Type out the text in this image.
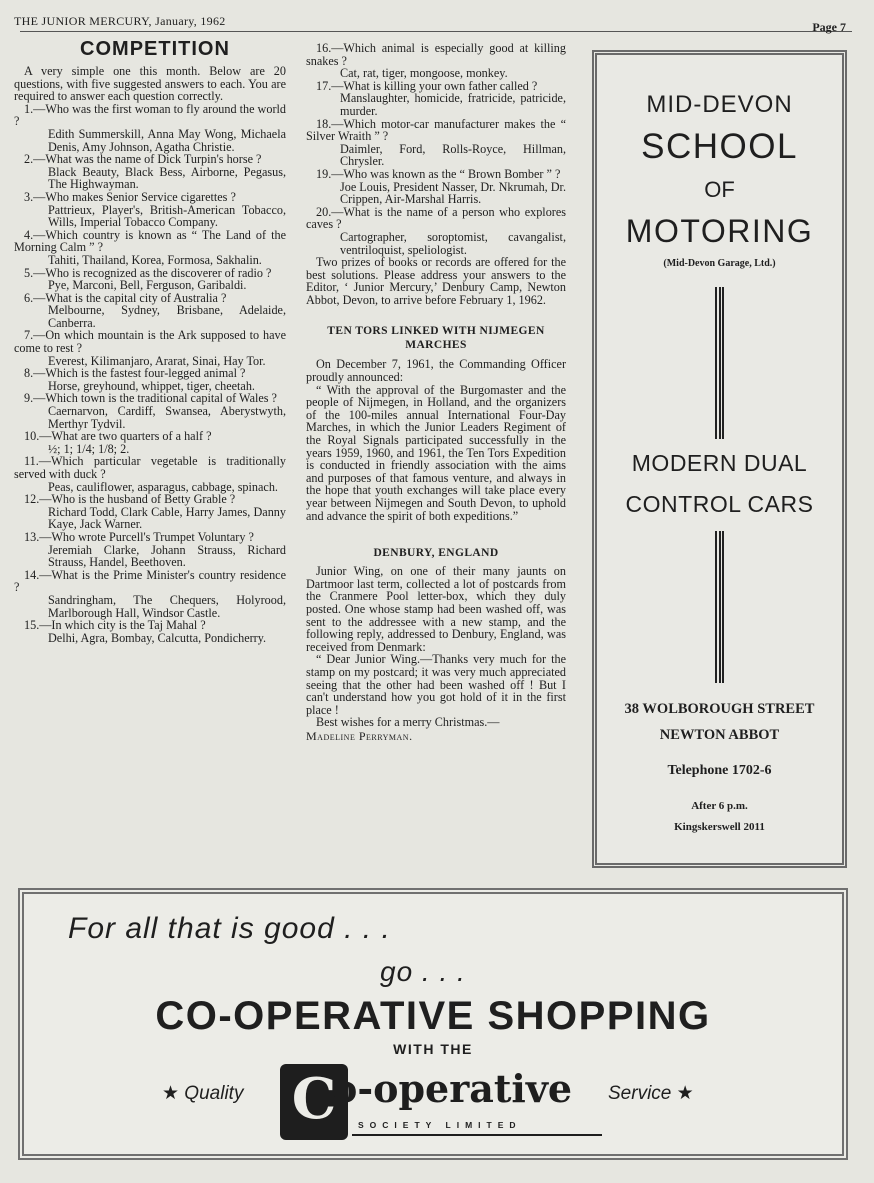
THE JUNIOR MERCURY, January, 1962	Page 7
COMPETITION
A very simple one this month. Below are 20 questions, with five suggested answers to each. You are required to answer each question correctly.
1.—Who was the first woman to fly around the world ?
Edith Summerskill, Anna May Wong, Michaela Denis, Amy Johnson, Agatha Christie.
2.—What was the name of Dick Turpin's horse ?
Black Beauty, Black Bess, Airborne, Pegasus, The Highwayman.
3.—Who makes Senior Service cigarettes ?
Pattrieux, Player's, British-American Tobacco, Wills, Imperial Tobacco Company.
4.—Which country is known as “ The Land of the Morning Calm ” ?
Tahiti, Thailand, Korea, Formosa, Sakhalin.
5.—Who is recognized as the discoverer of radio ?
Pye, Marconi, Bell, Ferguson, Garibaldi.
6.—What is the capital city of Australia ?
Melbourne, Sydney, Brisbane, Adelaide, Canberra.
7.—On which mountain is the Ark supposed to have come to rest ?
Everest, Kilimanjaro, Ararat, Sinai, Hay Tor.
8.—Which is the fastest four-legged animal ?
Horse, greyhound, whippet, tiger, cheetah.
9.—Which town is the traditional capital of Wales ?
Caernarvon, Cardiff, Swansea, Aberystwyth, Merthyr Tydvil.
10.—What are two quarters of a half ?
½; 1; 1/4; 1/8; 2.
11.—Which particular vegetable is traditionally served with duck ?
Peas, cauliflower, asparagus, cabbage, spinach.
12.—Who is the husband of Betty Grable ?
Richard Todd, Clark Cable, Harry James, Danny Kaye, Jack Warner.
13.—Who wrote Purcell's Trumpet Voluntary ?
Jeremiah Clarke, Johann Strauss, Richard Strauss, Handel, Beethoven.
14.—What is the Prime Minister's country residence ?
Sandringham, The Chequers, Holyrood, Marlborough Hall, Windsor Castle.
15.—In which city is the Taj Mahal ?
Delhi, Agra, Bombay, Calcutta, Pondicherry.
16.—Which animal is especially good at killing snakes ?
Cat, rat, tiger, mongoose, monkey.
17.—What is killing your own father called ?
Manslaughter, homicide, fratricide, patricide, murder.
18.—Which motor-car manufacturer makes the “ Silver Wraith ” ?
Daimler, Ford, Rolls-Royce, Hillman, Chrysler.
19.—Who was known as the “ Brown Bomber ” ?
Joe Louis, President Nasser, Dr. Nkrumah, Dr. Crippen, Air-Marshal Harris.
20.—What is the name of a person who explores caves ?
Cartographer, soroptomist, cavangalist, ventriloquist, speliologist.
Two prizes of books or records are offered for the best solutions. Please address your answers to the Editor, ‘ Junior Mercury,’ Denbury Camp, Newton Abbot, Devon, to arrive before February 1, 1962.
TEN TORS LINKED WITH NIJMEGEN MARCHES
On December 7, 1961, the Commanding Officer proudly announced:
“ With the approval of the Burgomaster and the people of Nijmegen, in Holland, and the organizers of the 100-miles annual International Four-Day Marches, in which the Junior Leaders Regiment of the Royal Signals participated successfully in the years 1959, 1960, and 1961, the Ten Tors Expedition is conducted in friendly association with the aims and purposes of that famous venture, and always in the hope that youth exchanges will take place every year between Nijmegen and South Devon, to uphold and advance the spirit of both expeditions.”
DENBURY, ENGLAND
Junior Wing, on one of their many jaunts on Dartmoor last term, collected a lot of postcards from the Cranmere Pool letter-box, which they duly posted. One whose stamp had been washed off, was sent to the addressee with a new stamp, and the following reply, addressed to Denbury, England, was received from Denmark:
“ Dear Junior Wing.—Thanks very much for the stamp on my postcard; it was very much appreciated seeing that the other had been washed off ! But I can't understand how you got hold of it in the first place !
Best wishes for a merry Christmas.—
Madeline Perryman.
MID-DEVON
SCHOOL
OF
MOTORING
(Mid-Devon Garage, Ltd.)
MODERN DUAL
CONTROL CARS
38 WOLBOROUGH STREET
NEWTON ABBOT
Telephone 1702-6
After 6 p.m.
Kingskerswell 2011
For all that is good . . .
go . . .
CO-OPERATIVE SHOPPING
WITH THE
★ Quality C
o-operative
SOCIETY LIMITED
Service ★
